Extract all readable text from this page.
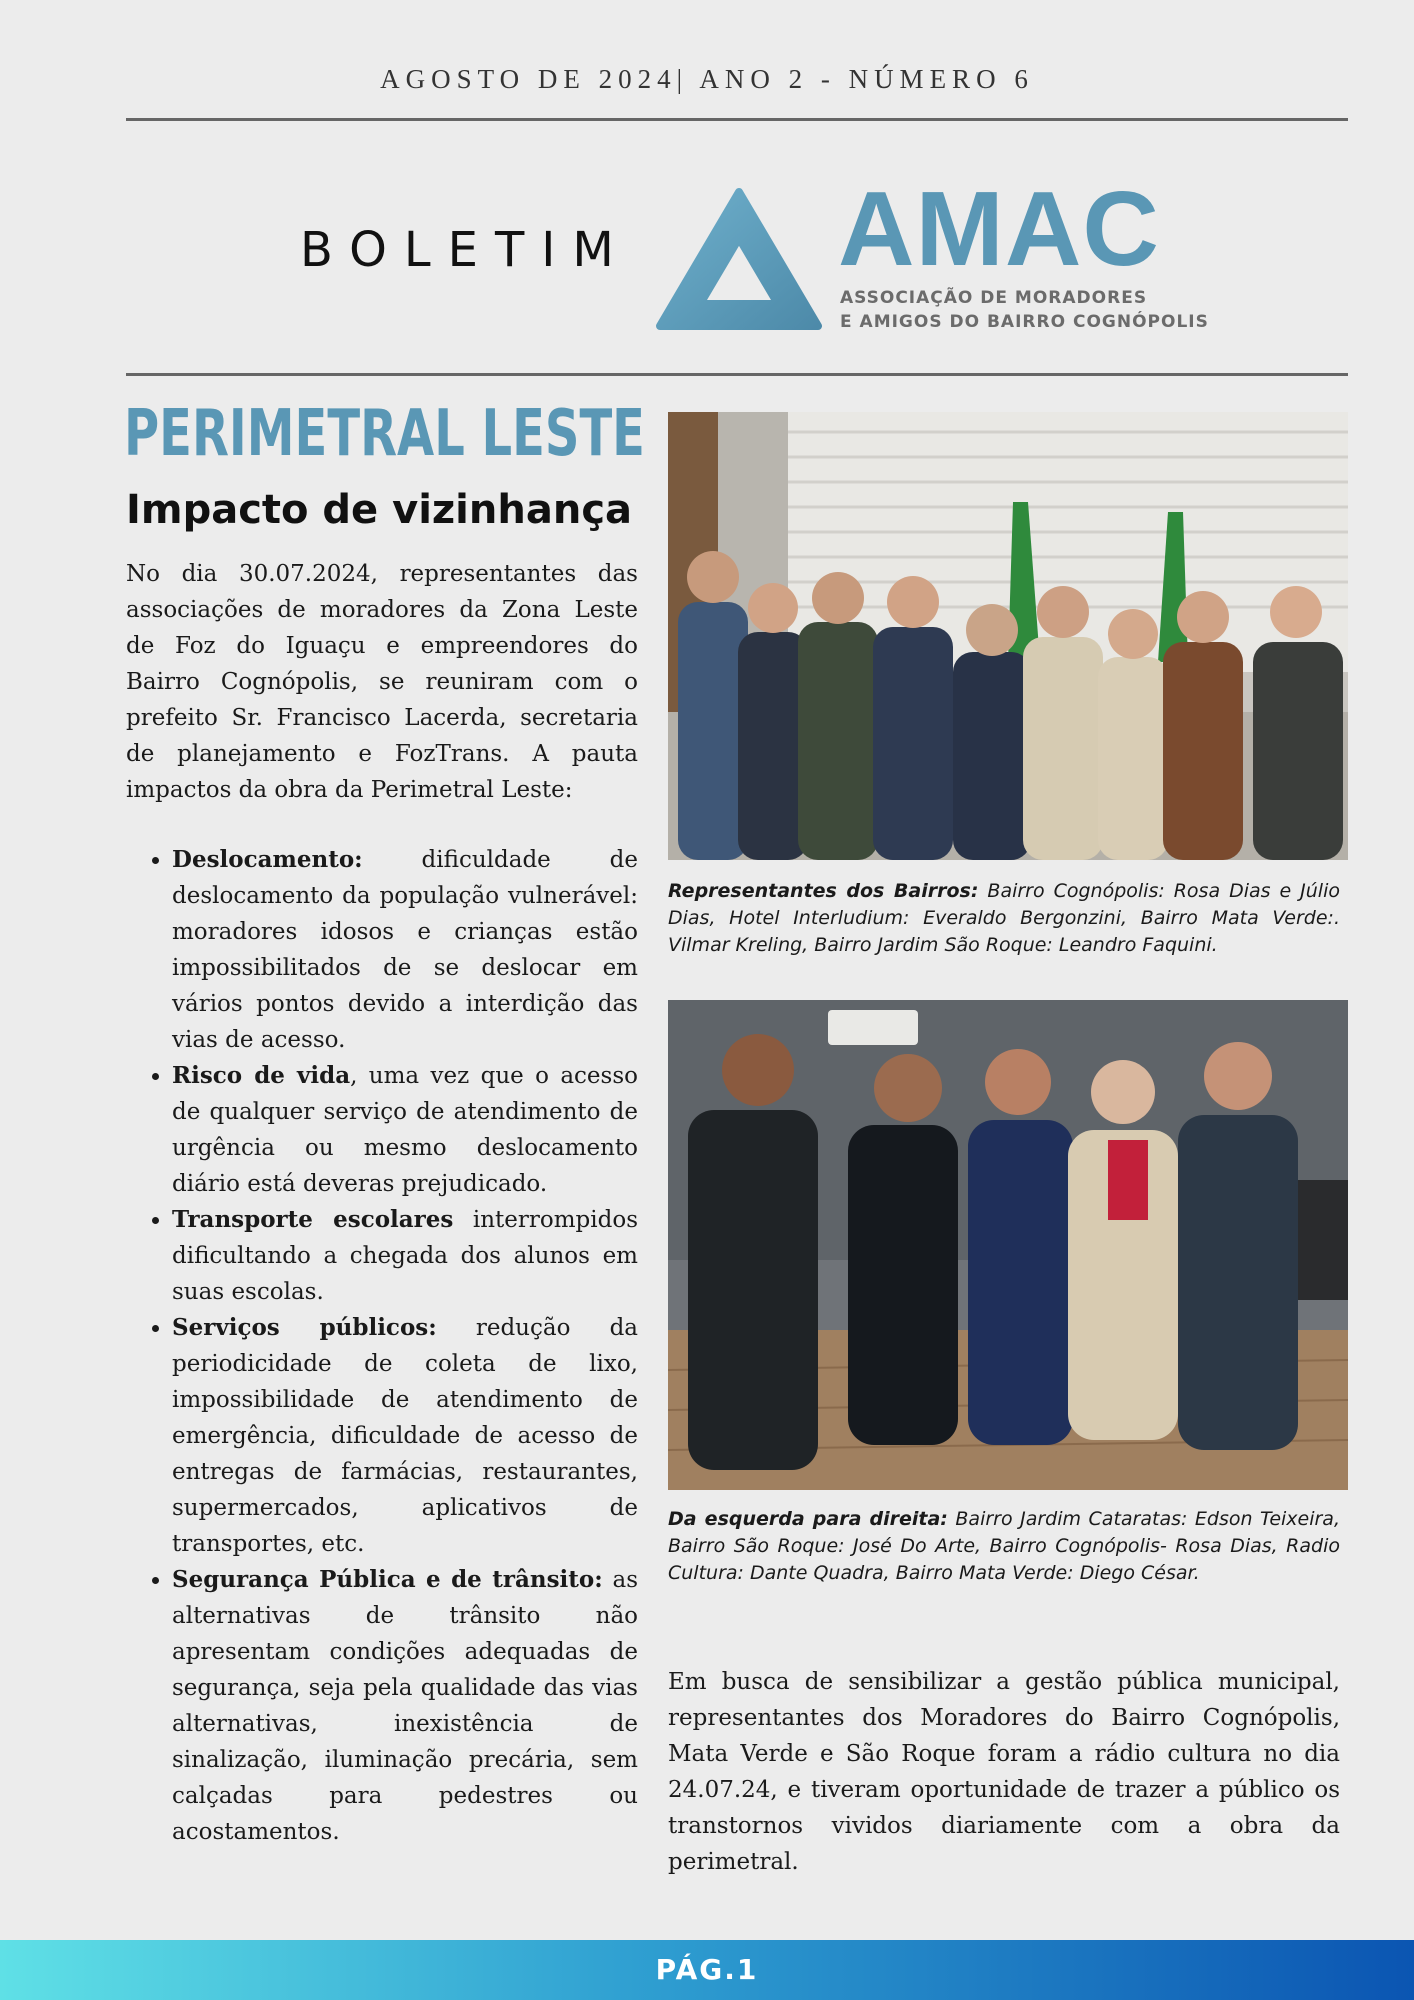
AGOSTO DE 2024| ANO 2 - NÚMERO 6
BOLETIM AMAC
ASSOCIAÇÃO DE MORADORES
E AMIGOS DO BAIRRO COGNÓPOLIS
PERIMETRAL LESTE
Impacto de vizinhança

No dia 30.07.2024, representantes das associações de moradores da Zona Leste de Foz do Iguaçu e empreendores do Bairro Cognópolis, se reuniram com o prefeito Sr. Francisco Lacerda, secretaria de planejamento e FozTrans. A pauta impactos da obra da Perimetral Leste:

• Deslocamento: dificuldade de deslocamento da população vulnerável: moradores idosos e crianças estão impossibilitados de se deslocar em vários pontos devido a interdição das vias de acesso.
• Risco de vida, uma vez que o acesso de qualquer serviço de atendimento de urgência ou mesmo deslocamento diário está deveras prejudicado.
• Transporte escolares interrompidos dificultando a chegada dos alunos em suas escolas.
• Serviços públicos: redução da periodicidade de coleta de lixo, impossibilidade de atendimento de emergência, dificuldade de acesso de entregas de farmácias, restaurantes, supermercados, aplicativos de transportes, etc.
• Segurança Pública e de trânsito: as alternativas de trânsito não apresentam condições adequadas de segurança, seja pela qualidade das vias alternativas, inexistência de sinalização, iluminação precária, sem calçadas para pedestres ou acostamentos.

Representantes dos Bairros: Bairro Cognópolis: Rosa Dias e Júlio Dias, Hotel Interludium: Everaldo Bergonzini, Bairro Mata Verde:. Vilmar Kreling, Bairro Jardim São Roque: Leandro Faquini.

Da esquerda para direita: Bairro Jardim Cataratas: Edson Teixeira, Bairro São Roque: José Do Arte, Bairro Cognópolis- Rosa Dias, Radio Cultura: Dante Quadra, Bairro Mata Verde: Diego César.

Em busca de sensibilizar a gestão pública municipal, representantes dos Moradores do Bairro Cognópolis, Mata Verde e São Roque foram a rádio cultura no dia 24.07.24, e tiveram oportunidade de trazer a público os transtornos vividos diariamente com a obra da perimetral.

PÁG.1
